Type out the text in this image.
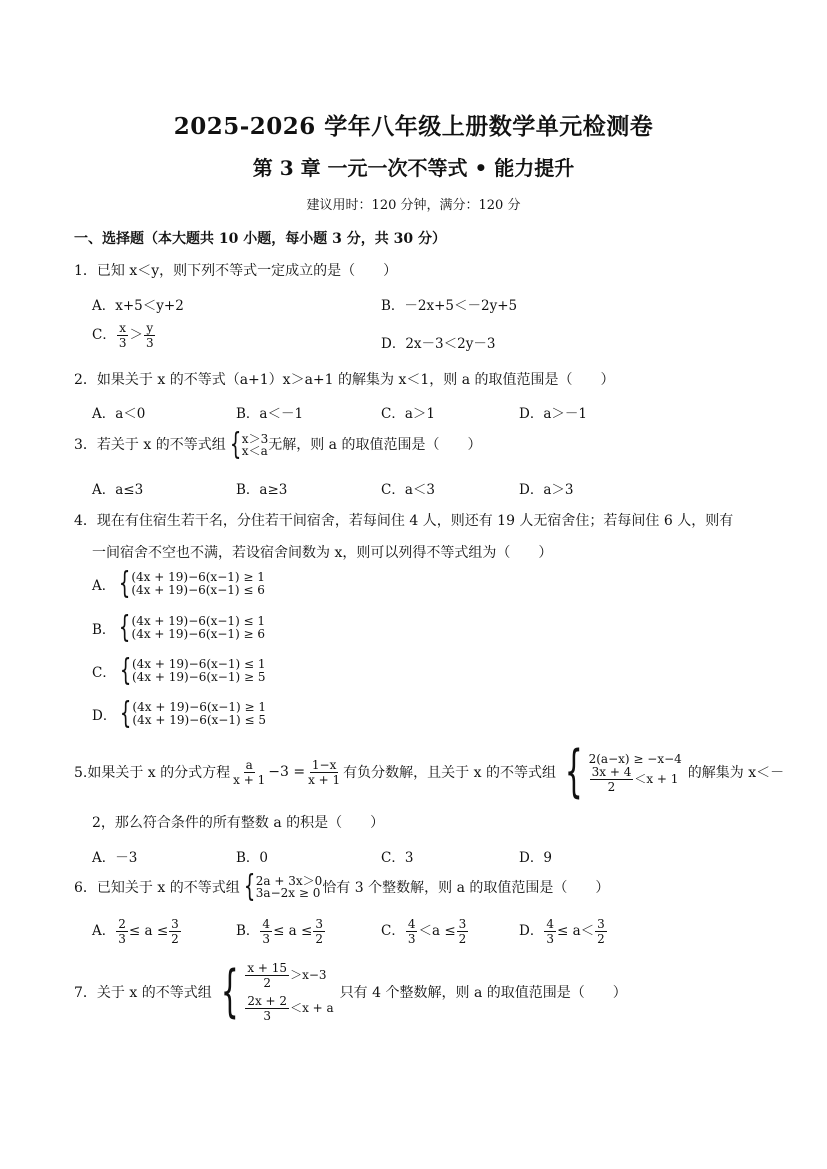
2025-2026 学年八年级上册数学单元检测卷
第 3 章 一元一次不等式 • 能力提升
建议用时：120 分钟，满分：120 分
一、选择题（本大题共 10 小题，每小题 3 分，共 30 分）
1．已知 x＜y，则下列不等式一定成立的是（　　）
A．x+5＜y+2	B．－2x+5＜－2y+5
C． $\frac{x}{3} > \frac{y}{3}$	D．2x－3＜2y－3
2．如果关于 x 的不等式（a+1）x＞a+1 的解集为 x＜1，则 a 的取值范围是（　　）
A．a＜0	B．a＜－1	C．a＞1	D．a＞－1
3．若关于 x 的不等式组 { x＞3
x＜a 无解，则 a 的取值范围是（　　）
A．a≤3	B．a≥3	C．a＜3	D．a＞3
4．现在有住宿生若干名，分住若干间宿舍，若每间住 4 人，则还有 19 人无宿舍住；若每间住 6 人，则有
一间宿舍不空也不满，若设宿舍间数为 x，则可以列得不等式组为（　　）
A． { (4x + 19)−6(x−1) ≥ 1
(4x + 19)−6(x−1) ≤ 6
B． { (4x + 19)−6(x−1) ≤ 1
(4x + 19)−6(x−1) ≥ 6
C． { (4x + 19)−6(x−1) ≤ 1
(4x + 19)−6(x−1) ≥ 5
D． { (4x + 19)−6(x−1) ≥ 1
(4x + 19)−6(x−1) ≤ 5
5.如果关于 x 的分式方程 $\frac{a}{x + 1} -3 = \frac{1-x}{x + 1}$ 有负分数解，且关于 x 的不等式组 { 2(a−x) ≥ −x−4
$\frac{3x + 4}{2} <x + 1$ 的解集为 x＜－
2，那么符合条件的所有整数 a 的积是（　　）
A．－3	B．0	C．3	D．9
6．已知关于 x 的不等式组 { 2a + 3x＞0
3a−2x ≥ 0 恰有 3 个整数解，则 a 的取值范围是（　　）
A． $\frac{2}{3} \le a \le \frac{3}{2}$	B． $\frac{4}{3} \le a \le \frac{3}{2}$	C． $\frac{4}{3} <a \le \frac{3}{2}$	D． $\frac{4}{3} \le a< \frac{3}{2}$
7．关于 x 的不等式组 { $\frac{x + 15}{2} >x-3$
$\frac{2x + 2}{3} <x + a$
只有 4 个整数解，则 a 的取值范围是（　　）
